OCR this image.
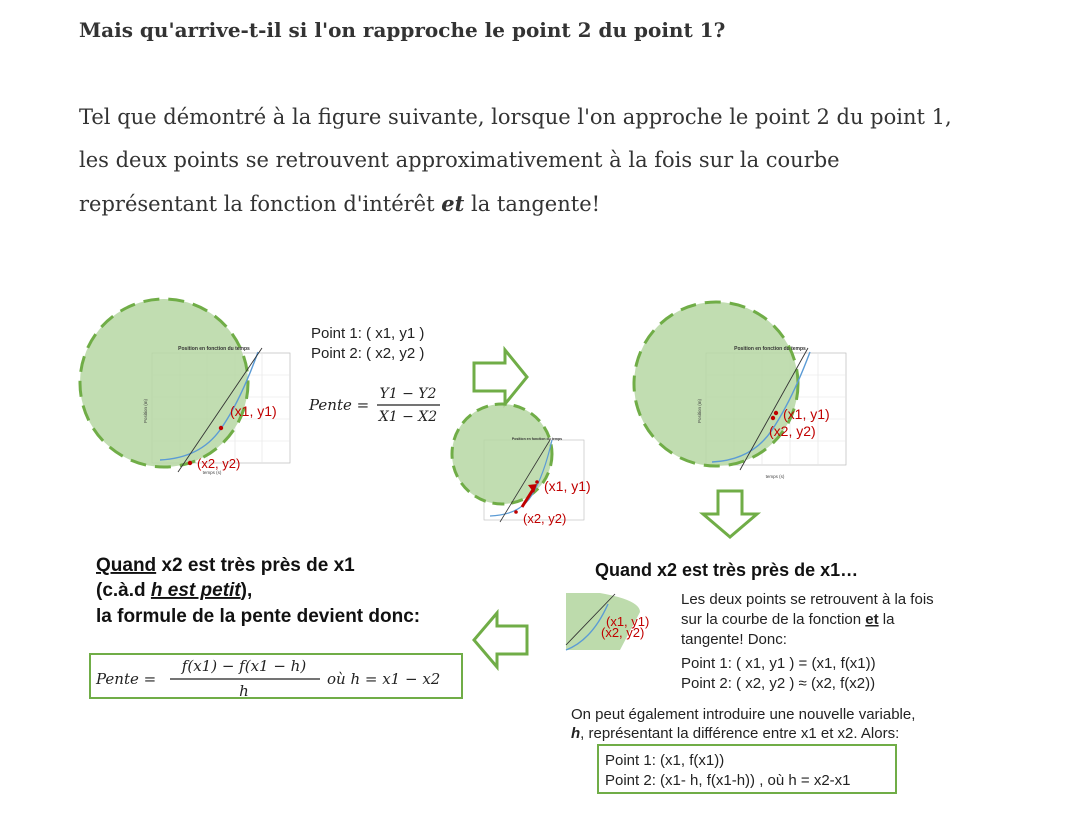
Mais qu'arrive-t-il si l'on rapproche le point 2 du point 1?
Tel que démontré à la figure suivante, lorsque l'on approche le point 2 du point 1, les deux points se retrouvent approximativement à la fois sur la courbe représentant la fonction d'intérêt et la tangente!
Position en fonction du temps
temps (s)
Position (m)	(x1, y1)
(x2, y2)
Point 1: ( x1, y1 )
Point 2: ( x2, y2 )
Pente =
Y1 − Y2
X1 − X2
Position en fonction du temps
(x1, y1)
(x2, y2)
Position en fonction du temps
temps (s)
Position (m)	(x1, y1)
(x2, y2)
Quand x2 est très près de x1…
(x1, y1)
(x2, y2)
Les deux points se retrouvent à la fois
sur la courbe de la fonction et la
tangente! Donc:
Point 1: ( x1, y1 ) = (x1, f(x1))
Point 2: ( x2, y2 ) ≈ (x2, f(x2))
On peut également introduire une nouvelle variable,
h, représentant la différence entre x1 et x2. Alors:
Point 1: (x1, f(x1))
Point 2: (x1- h, f(x1-h)) , où h = x2-x1
Quand x2 est très près de x1
(c.à.d h est petit),
la formule de la pente devient donc:
Pente =
f(x1) − f(x1 − h)
h
où h = x1 − x2
